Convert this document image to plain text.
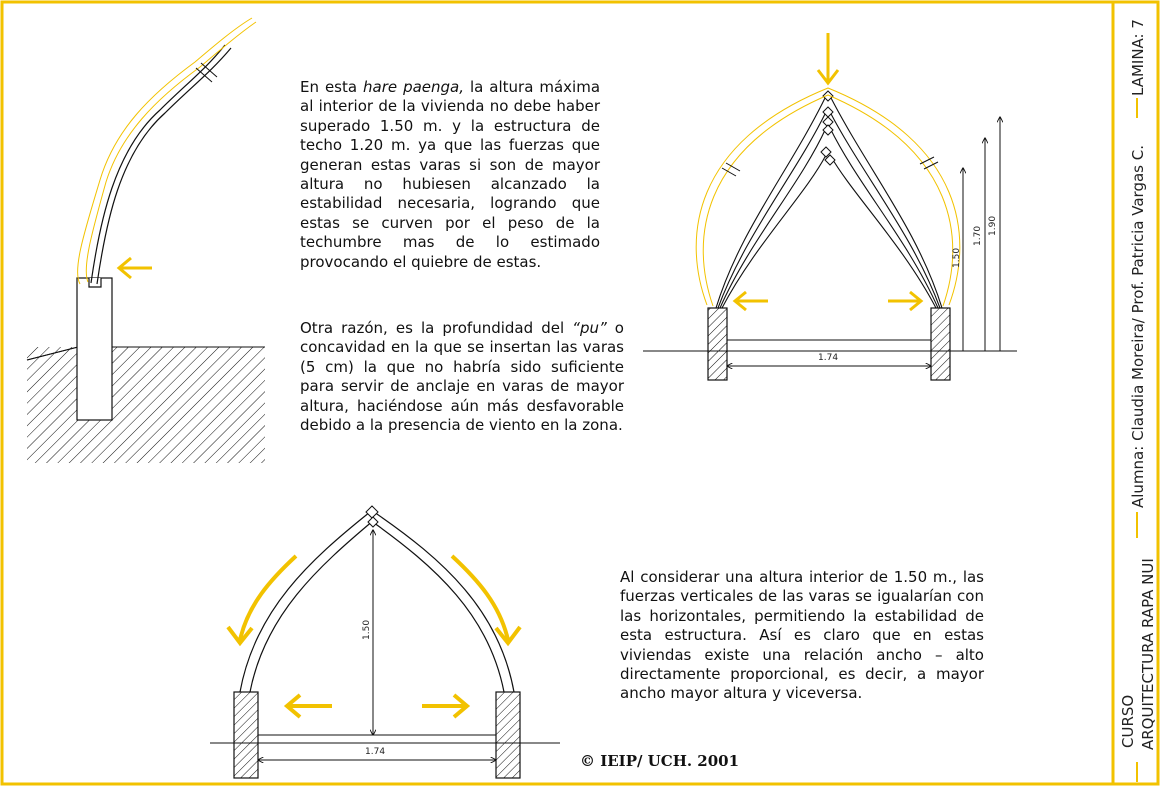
1.74
1.50
1.70 1.90
1.74
1.50

En esta hare paenga, la altura máxima al interior de la vivienda no debe haber superado 1.50 m. y la estructura de techo 1.20 m. ya que las fuerzas que generan estas varas si son de mayor altura no hubiesen alcanzado la estabilidad necesaria, logrando que estas se curven por el peso de la techumbre mas de lo estimado provocando el quiebre de estas.

Otra razón, es la profundidad del “pu” o concavidad en la que se insertan las varas (5 cm) la que no habría sido suficiente para servir de anclaje en varas de mayor altura, haciéndose aún más desfavorable debido a la presencia de viento en la zona.

Al considerar una altura interior de 1.50 m., las fuerzas verticales de las varas se igualarían con las horizontales, permitiendo la estabilidad de esta estructura. Así es claro que en estas viviendas existe una relación ancho – alto directamente proporcional, es decir, a mayor ancho mayor altura y viceversa.

© IEIP/ UCH. 2001
LAMINA: 7
Alumna: Claudia Moreira/ Prof. Patricia Vargas C.
CURSO ARQUITECTURA RAPA NUI
